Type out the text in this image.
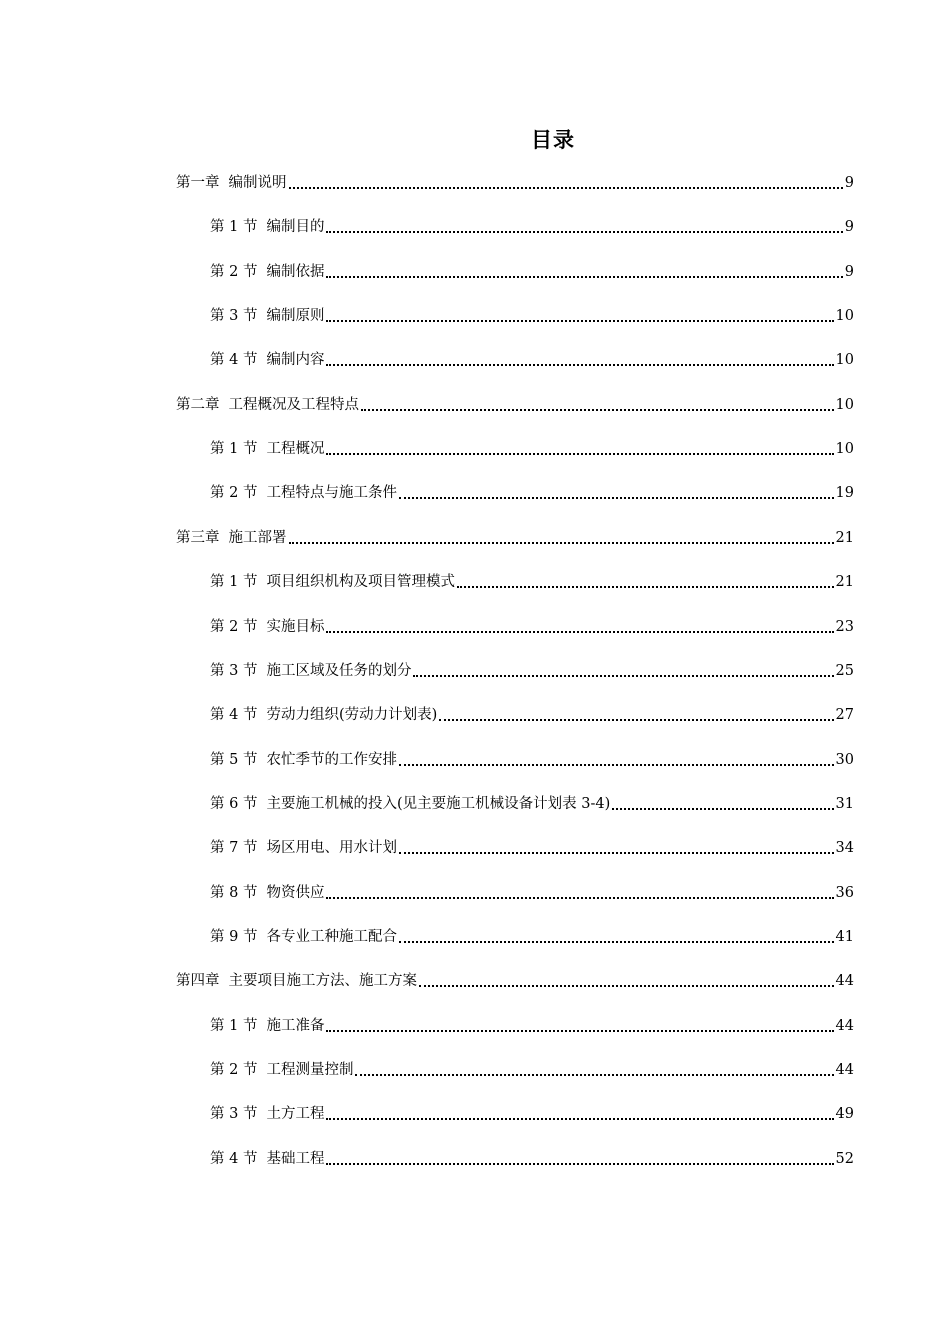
目录
第一章 编制说明	9
第 1 节 编制目的	9
第 2 节 编制依据	9
第 3 节 编制原则	10
第 4 节 编制内容	10
第二章 工程概况及工程特点	10
第 1 节 工程概况	10
第 2 节 工程特点与施工条件	19
第三章 施工部署	21
第 1 节 项目组织机构及项目管理模式	21
第 2 节 实施目标	23
第 3 节 施工区域及任务的划分	25
第 4 节 劳动力组织(劳动力计划表)	27
第 5 节 农忙季节的工作安排	30
第 6 节 主要施工机械的投入(见主要施工机械设备计划表 3-4)	31
第 7 节 场区用电、用水计划	34
第 8 节 物资供应	36
第 9 节 各专业工种施工配合	41
第四章 主要项目施工方法、施工方案	44
第 1 节 施工准备	44
第 2 节 工程测量控制	44
第 3 节 土方工程	49
第 4 节 基础工程	52
